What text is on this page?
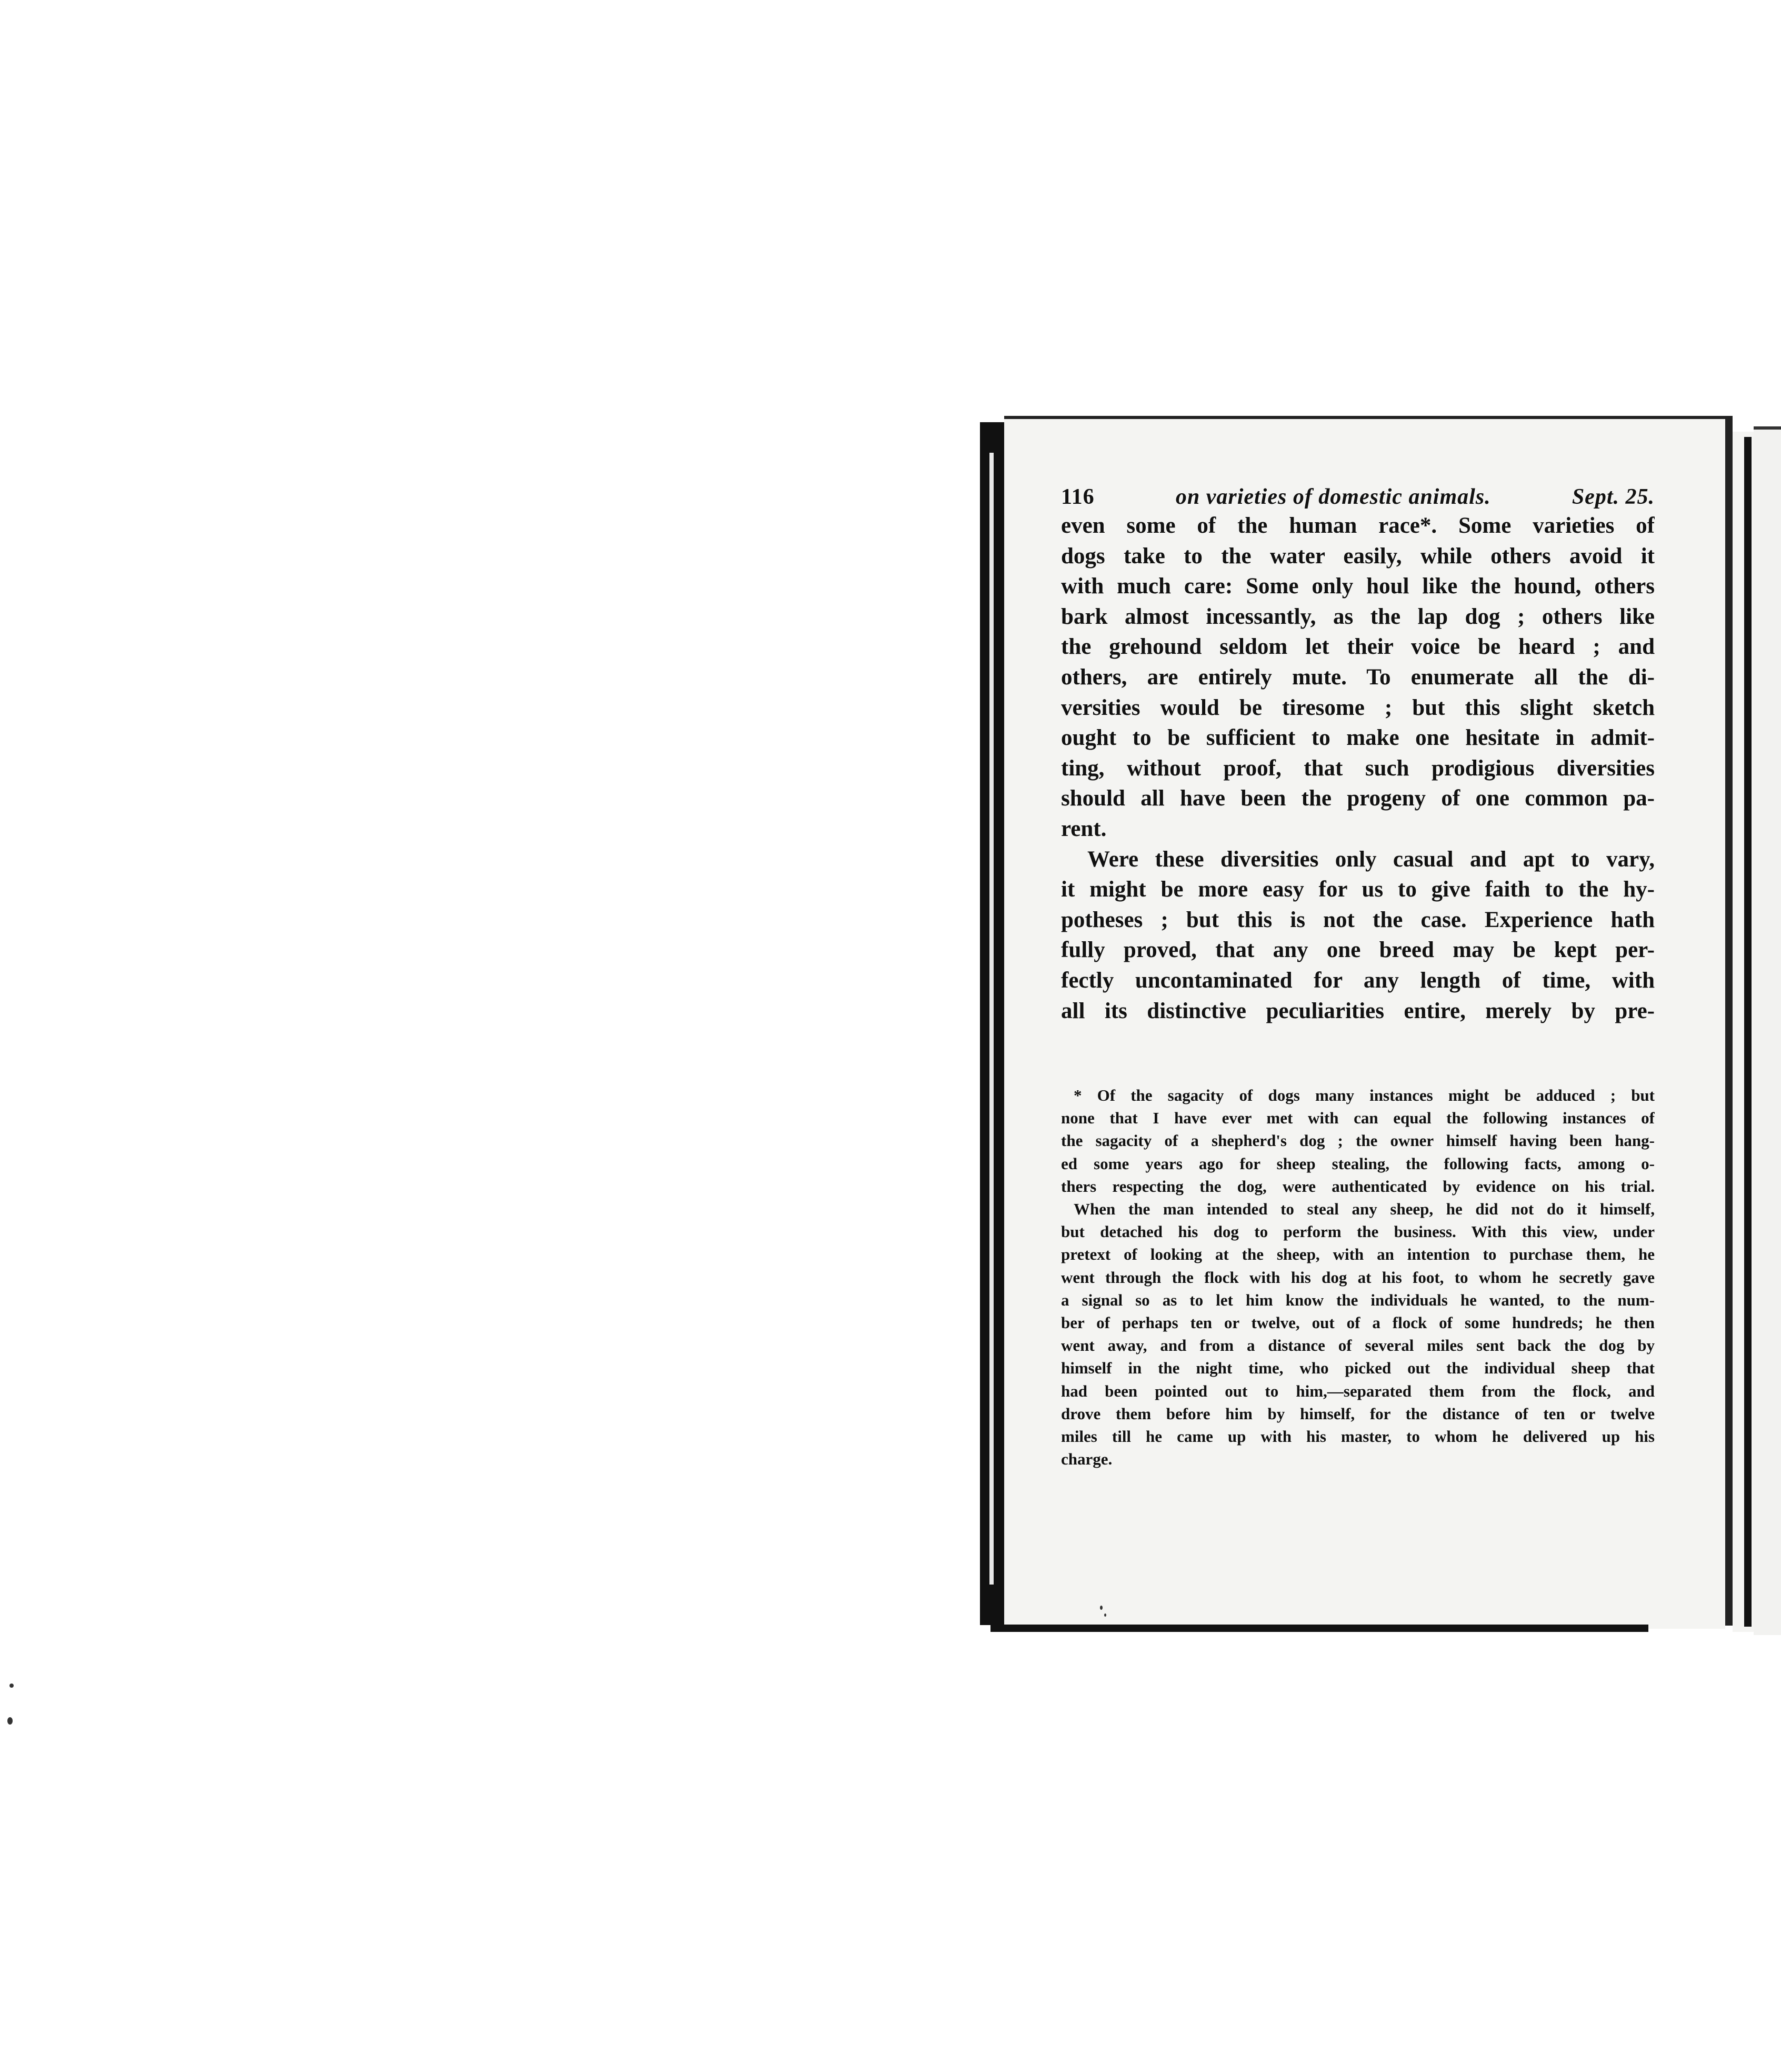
116	on varieties of domestic animals.	Sept. 25.
even some of the human race*. Some varieties of
dogs take to the water easily, while others avoid it
with much care: Some only houl like the hound, others
bark almost incessantly, as the lap dog ; others like
the grehound seldom let their voice be heard ; and
others, are entirely mute. To enumerate all the di-
versities would be tiresome ; but this slight sketch
ought to be sufficient to make one hesitate in admit-
ting, without proof, that such prodigious diversities
should all have been the progeny of one common pa-
rent.
Were these diversities only casual and apt to vary,
it might be more easy for us to give faith to the hy-
potheses ; but this is not the case. Experience hath
fully proved, that any one breed may be kept per-
fectly uncontaminated for any length of time, with
all its distinctive peculiarities entire, merely by pre-
* Of the sagacity of dogs many instances might be adduced ; but
none that I have ever met with can equal the following instances of
the sagacity of a shepherd's dog ; the owner himself having been hang-
ed some years ago for sheep stealing, the following facts, among o-
thers respecting the dog, were authenticated by evidence on his trial.
When the man intended to steal any sheep, he did not do it himself,
but detached his dog to perform the business. With this view, under
pretext of looking at the sheep, with an intention to purchase them, he
went through the flock with his dog at his foot, to whom he secretly gave
a signal so as to let him know the individuals he wanted, to the num-
ber of perhaps ten or twelve, out of a flock of some hundreds; he then
went away, and from a distance of several miles sent back the dog by
himself in the night time, who picked out the individual sheep that
had been pointed out to him,—separated them from the flock, and
drove them before him by himself, for the distance of ten or twelve
miles till he came up with his master, to whom he delivered up his
charge.
